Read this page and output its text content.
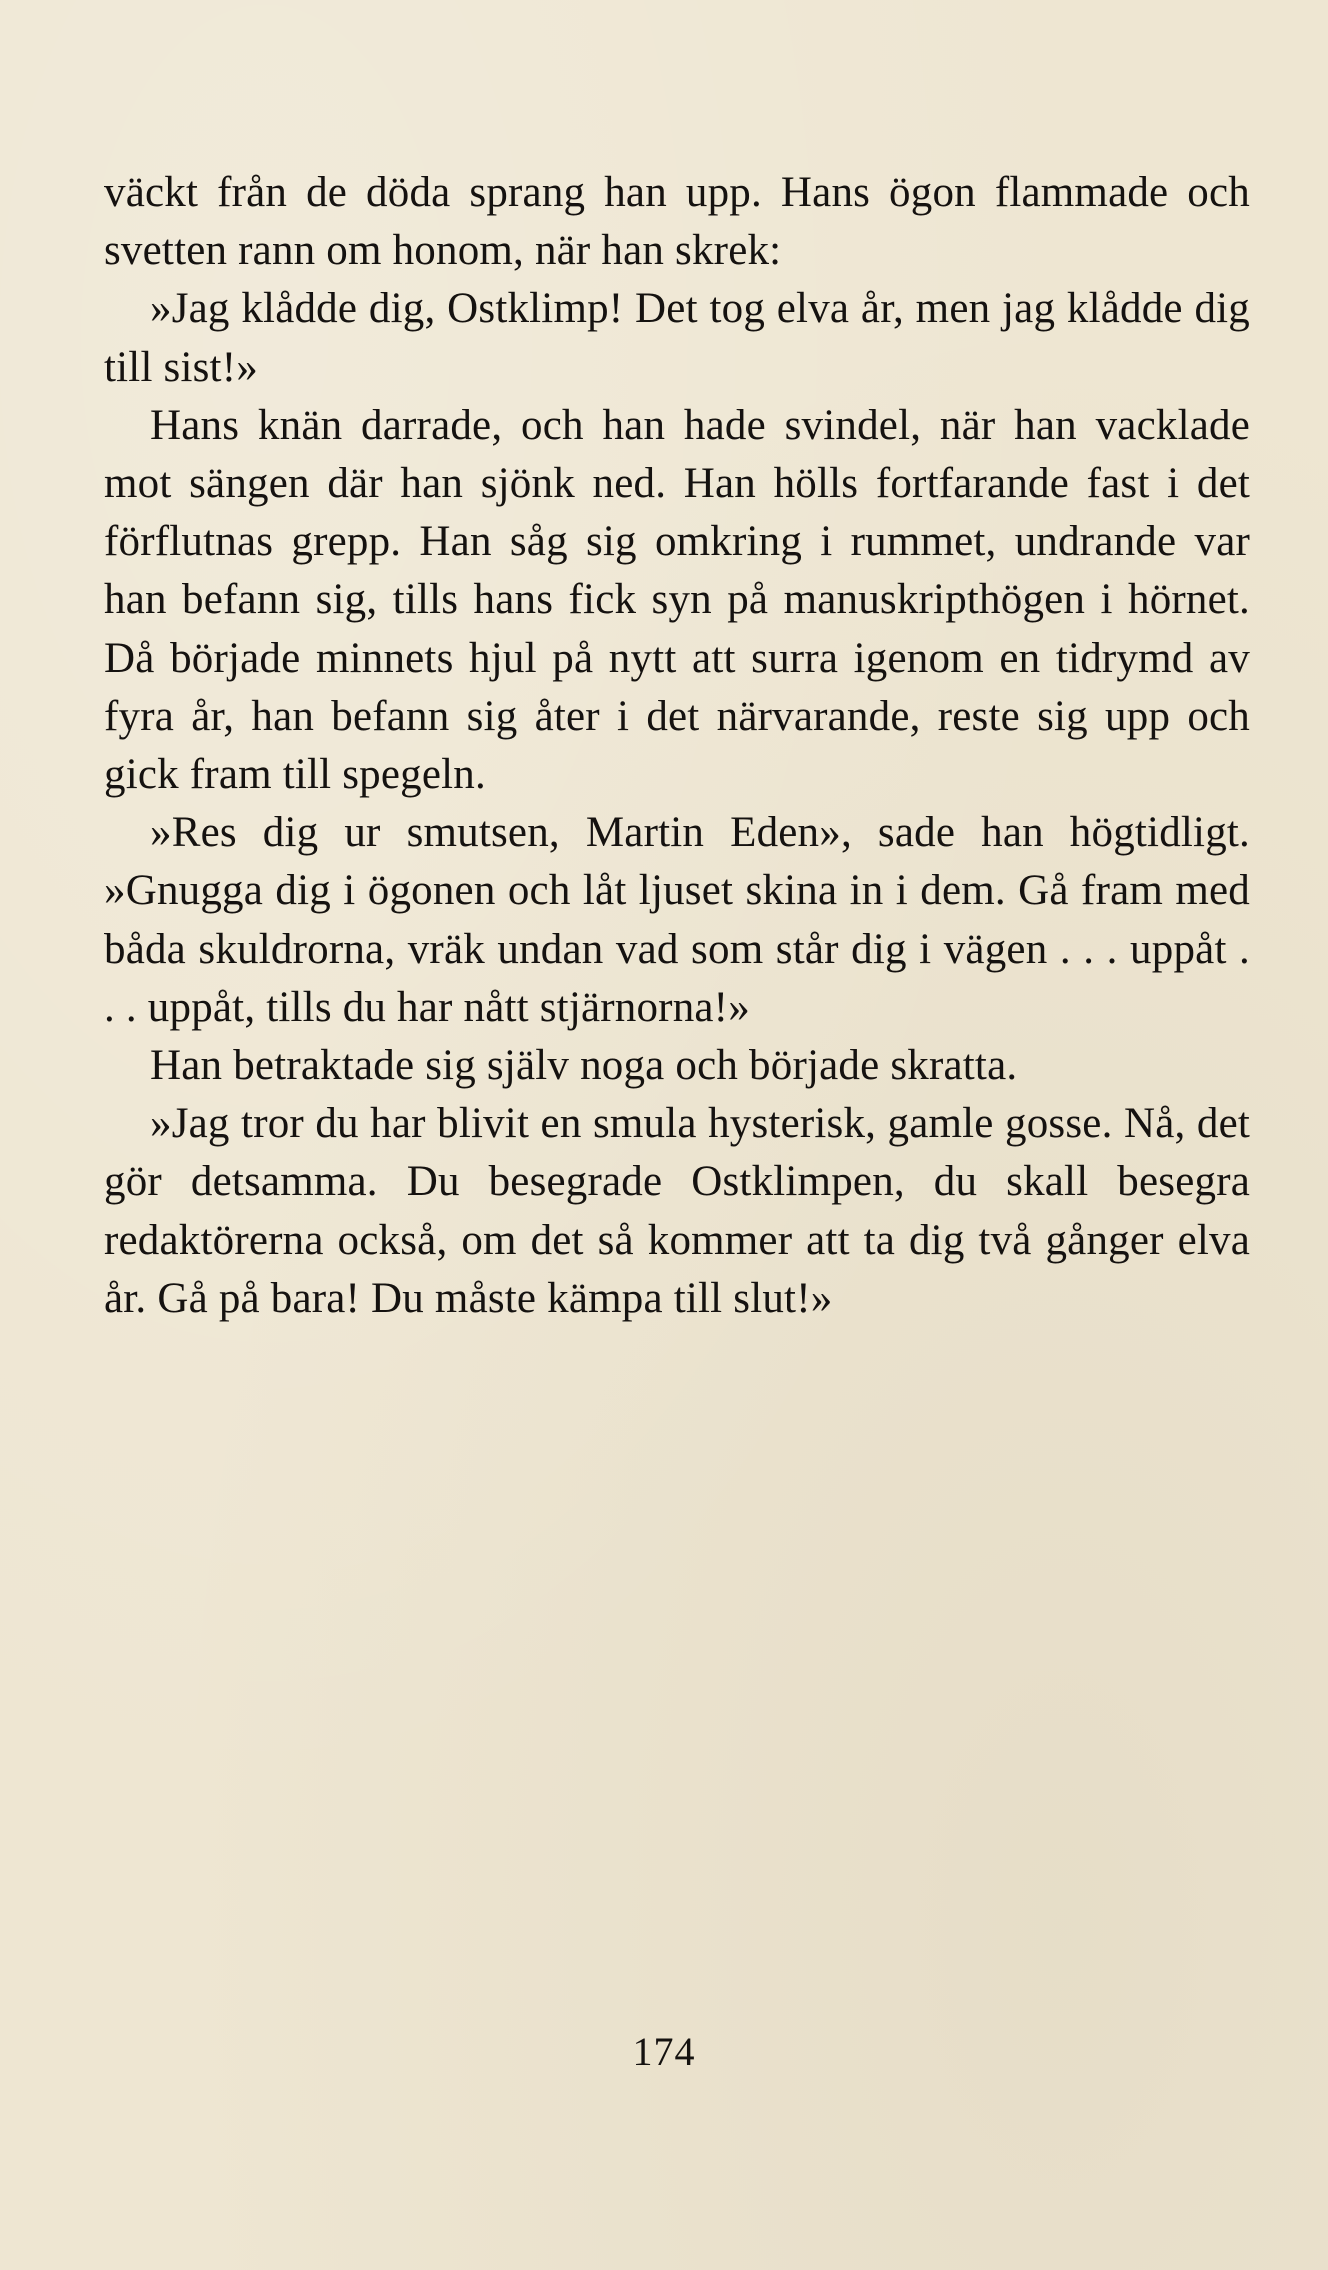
väckt från de döda sprang han upp. Hans ögon flammade och svetten rann om honom, när han skrek:

»Jag klådde dig, Ostklimp! Det tog elva år, men jag klådde dig till sist!»

Hans knän darrade, och han hade svindel, när han vacklade mot sängen där han sjönk ned. Han hölls fortfarande fast i det förflutnas grepp. Han såg sig omkring i rummet, undrande var han befann sig, tills hans fick syn på manuskripthögen i hörnet. Då började minnets hjul på nytt att surra igenom en tidrymd av fyra år, han befann sig åter i det närvarande, reste sig upp och gick fram till spegeln.

»Res dig ur smutsen, Martin Eden», sade han högtidligt. »Gnugga dig i ögonen och låt ljuset skina in i dem. Gå fram med båda skuldrorna, vräk undan vad som står dig i vägen . . . uppåt . . . uppåt, tills du har nått stjärnorna!»

Han betraktade sig själv noga och började skratta.

»Jag tror du har blivit en smula hysterisk, gamle gosse. Nå, det gör detsamma. Du besegrade Ostklimpen, du skall besegra redaktörerna också, om det så kommer att ta dig två gånger elva år. Gå på bara! Du måste kämpa till slut!»

174
